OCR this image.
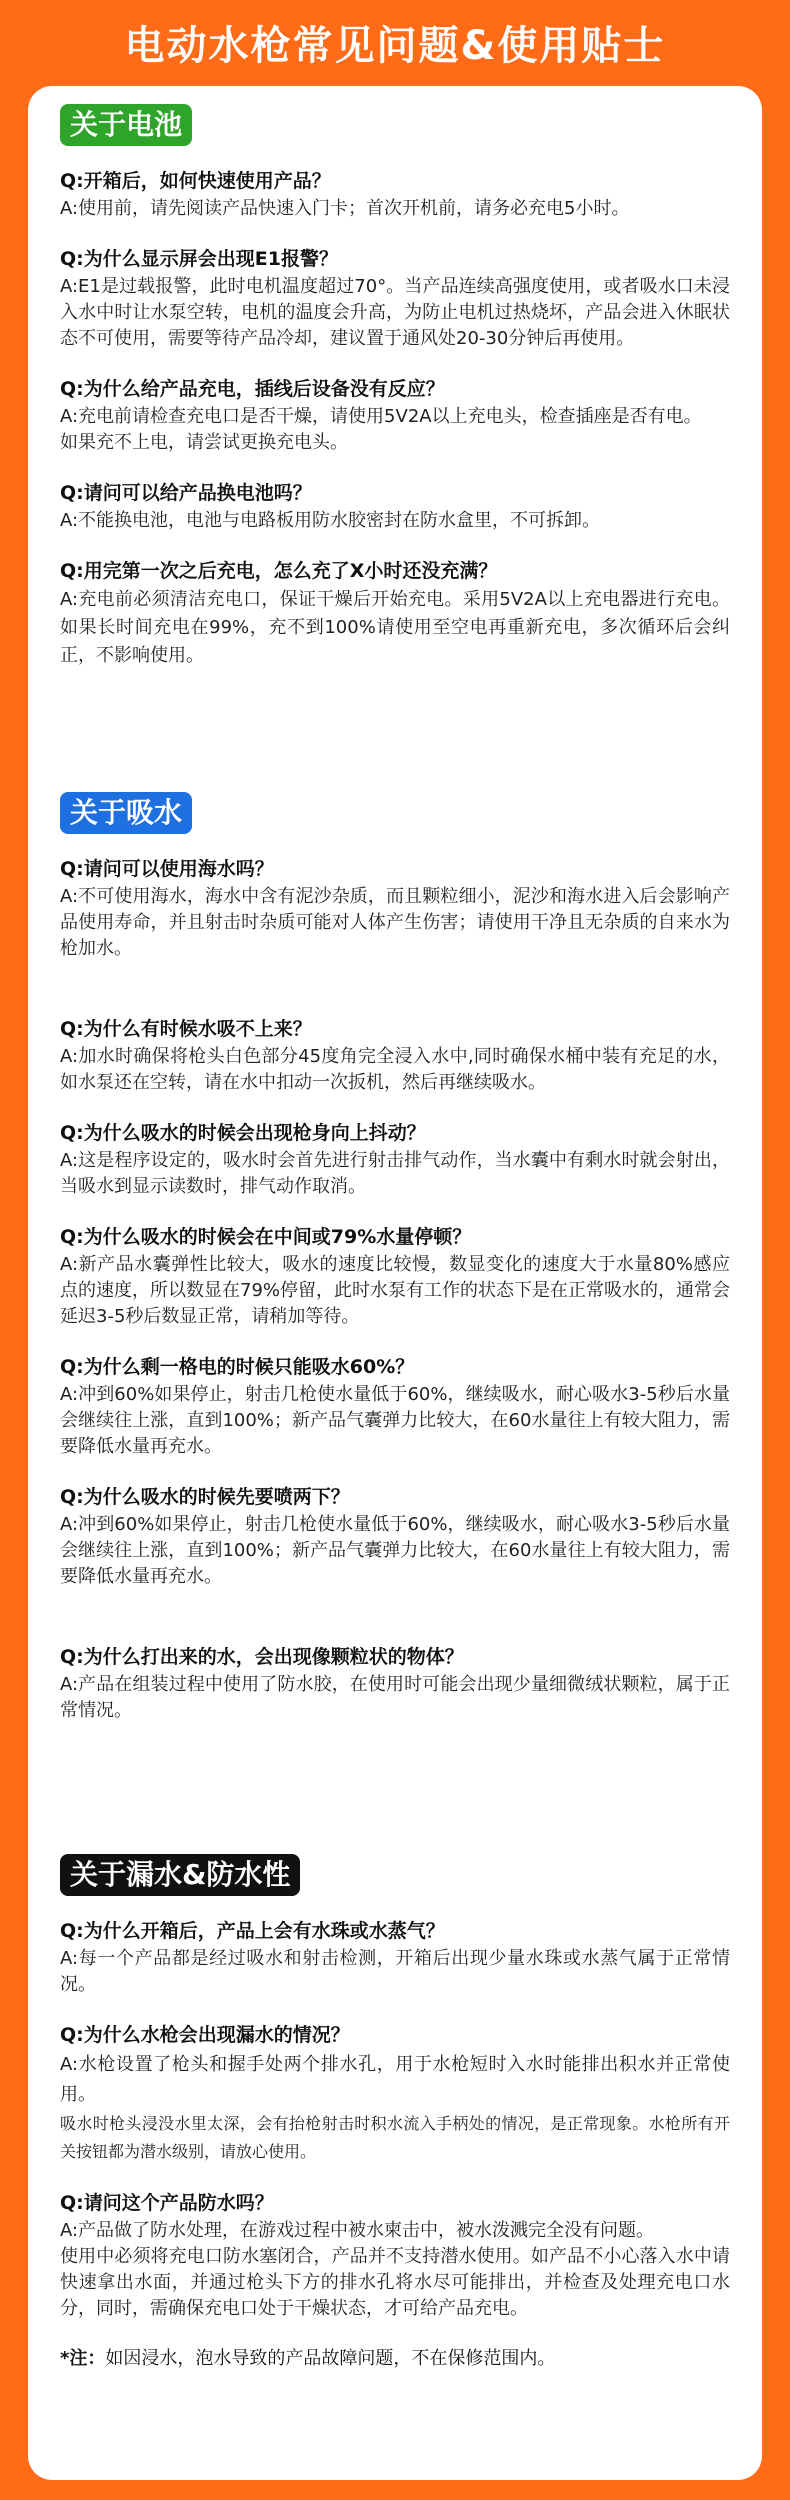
电动水枪常见问题&使用贴士
关于电池
Q:开箱后，如何快速使用产品？
A:使用前，请先阅读产品快速入门卡；首次开机前，请务必充电5小时。
Q:为什么显示屏会出现E1报警？
A:E1是过载报警，此时电机温度超过70°。当产品连续高强度使用，或者吸水口未浸入水中时让水泵空转，电机的温度会升高，为防止电机过热烧坏，产品会进入休眠状态不可使用，需要等待产品冷却，建议置于通风处20-30分钟后再使用。
Q:为什么给产品充电，插线后设备没有反应？
A:充电前请检查充电口是否干燥，请使用5V2A以上充电头，检查插座是否有电。
如果充不上电，请尝试更换充电头。
Q:请问可以给产品换电池吗？
A:不能换电池，电池与电路板用防水胶密封在防水盒里，不可拆卸。
Q:用完第一次之后充电，怎么充了X小时还没充满？
A:充电前必须清洁充电口，保证干燥后开始充电。采用5V2A以上充电器进行充电。如果长时间充电在99%，充不到100%请使用至空电再重新充电，多次循环后会纠正，不影响使用。
关于吸水
Q:请问可以使用海水吗？
A:不可使用海水，海水中含有泥沙杂质，而且颗粒细小，泥沙和海水进入后会影响产品使用寿命，并且射击时杂质可能对人体产生伤害；请使用干净且无杂质的自来水为枪加水。
Q:为什么有时候水吸不上来？
A:加水时确保将枪头白色部分45度角完全浸入水中,同时确保水桶中装有充足的水，如水泵还在空转，请在水中扣动一次扳机，然后再继续吸水。
Q:为什么吸水的时候会出现枪身向上抖动？
A:这是程序设定的，吸水时会首先进行射击排气动作，当水囊中有剩水时就会射出，当吸水到显示读数时，排气动作取消。
Q:为什么吸水的时候会在中间或79%水量停顿？
A:新产品水囊弹性比较大，吸水的速度比较慢，数显变化的速度大于水量80%感应点的速度，所以数显在79%停留，此时水泵有工作的状态下是在正常吸水的，通常会延迟3-5秒后数显正常，请稍加等待。
Q:为什么剩一格电的时候只能吸水60%？
A:冲到60%如果停止，射击几枪使水量低于60%，继续吸水，耐心吸水3-5秒后水量会继续往上涨，直到100%；新产品气囊弹力比较大，在60水量往上有较大阻力，需要降低水量再充水。
Q:为什么吸水的时候先要喷两下？
A:冲到60%如果停止，射击几枪使水量低于60%，继续吸水，耐心吸水3-5秒后水量会继续往上涨，直到100%；新产品气囊弹力比较大，在60水量往上有较大阻力，需要降低水量再充水。
Q:为什么打出来的水，会出现像颗粒状的物体？
A:产品在组装过程中使用了防水胶，在使用时可能会出现少量细微绒状颗粒，属于正常情况。
关于漏水&防水性
Q:为什么开箱后，产品上会有水珠或水蒸气？
A:每一个产品都是经过吸水和射击检测，开箱后出现少量水珠或水蒸气属于正常情况。
Q:为什么水枪会出现漏水的情况？
A:水枪设置了枪头和握手处两个排水孔，用于水枪短时入水时能排出积水并正常使用。
吸水时枪头浸没水里太深，会有抬枪射击时积水流入手柄处的情况，是正常现象。水枪所有开关按钮都为潜水级别，请放心使用。
Q:请问这个产品防水吗？
A:产品做了防水处理，在游戏过程中被水柬击中，被水泼溅完全没有问题。
使用中必须将充电口防水塞闭合，产品并不支持潜水使用。如产品不小心落入水中请快速拿出水面，并通过枪头下方的排水孔将水尽可能排出，并检查及处理充电口水分，同时，需确保充电口处于干燥状态，才可给产品充电。
*注：如因浸水，泡水导致的产品故障问题，不在保修范围内。
